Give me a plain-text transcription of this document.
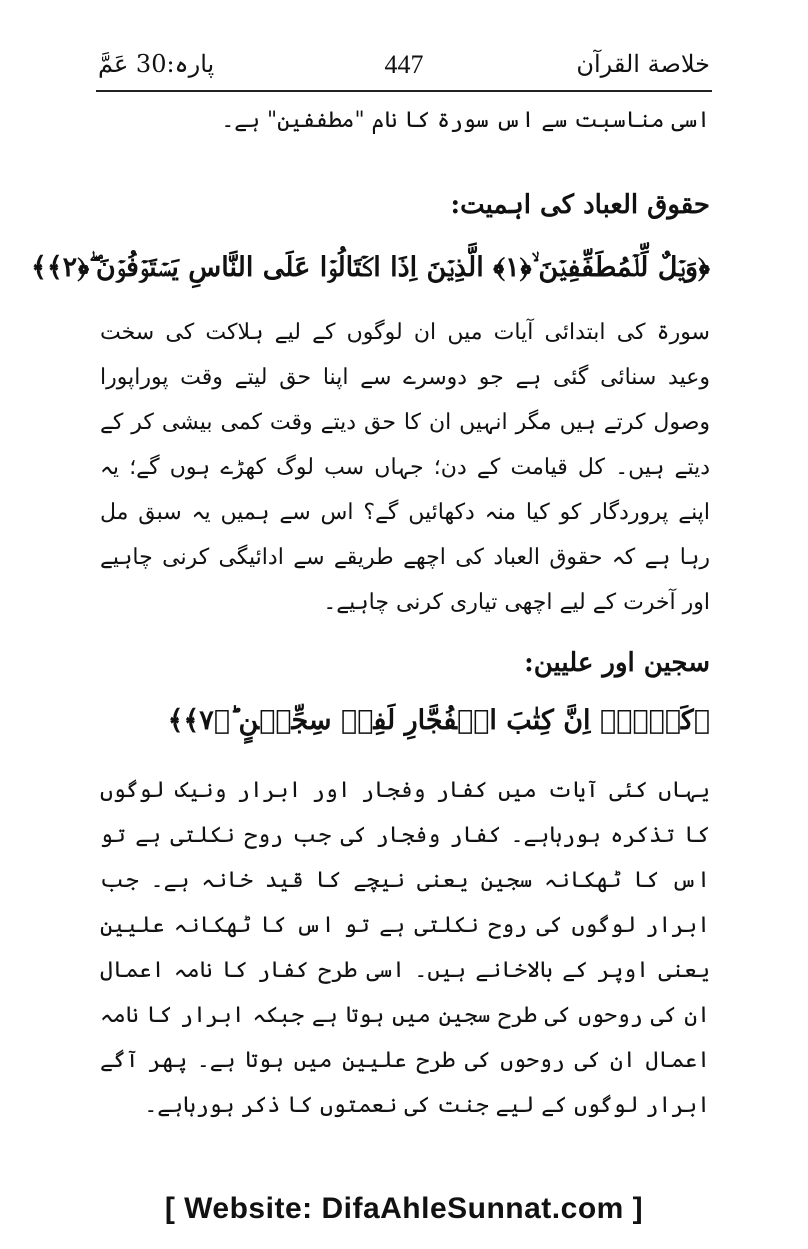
خلاصة القرآن
447
پارہ:30 عَمَّ
اسی مناسبت سے اس سورۃ کا نام "مطففین" ہے۔
حقوق العباد کی اہمیت:
﴿وَيۡلٌ لِّلۡمُطَفِّفِيۡنَ ۙ﴿۱﴾ الَّذِيۡنَ اِذَا اكۡتَالُوۡا عَلَى النَّاسِ يَسۡتَوۡفُوۡنَ ۖ﴿۲﴾﴾
سورۃ کی ابتدائی آیات میں ان لوگوں کے لیے ہلاکت کی سخت وعید سنائی گئی ہے جو دوسرے سے اپنا حق لیتے وقت پوراپورا وصول کرتے ہیں مگر انہیں ان کا حق دیتے وقت کمی بیشی کر کے دیتے ہیں۔ کل قیامت کے دن؛ جہاں سب لوگ کھڑے ہوں گے؛ یہ اپنے پروردگار کو کیا منہ دکھائیں گے؟ اس سے ہمیں یہ سبق مل رہا ہے کہ حقوق العباد کی اچھے طریقے سے ادائیگی کرنی چاہیے اور آخرت کے لیے اچھی تیاری کرنی چاہیے۔
سجین اور علیین:
﴿كَلَّاۤ اِنَّ كِتٰبَ الۡفُجَّارِ لَفِىۡ سِجِّيۡنٍ ؕ﴿۷﴾﴾
یہاں کئی آیات میں کفار وفجار اور ابرار ونیک لوگوں کا تذکرہ ہورہاہے۔ کفار وفجار کی جب روح نکلتی ہے تو اس کا ٹھکانہ سجین یعنی نیچے کا قید خانہ ہے۔ جب ابرار لوگوں کی روح نکلتی ہے تو اس کا ٹھکانہ علیین یعنی اوپر کے بالاخانے ہیں۔ اسی طرح کفار کا نامہ اعمال ان کی روحوں کی طرح سجین میں ہوتا ہے جبکہ ابرار کا نامہ اعمال ان کی روحوں کی طرح علیین میں ہوتا ہے۔ پھر آگے ابرار لوگوں کے لیے جنت کی نعمتوں کا ذکر ہورہاہے۔
[ Website: DifaAhleSunnat.com ]
